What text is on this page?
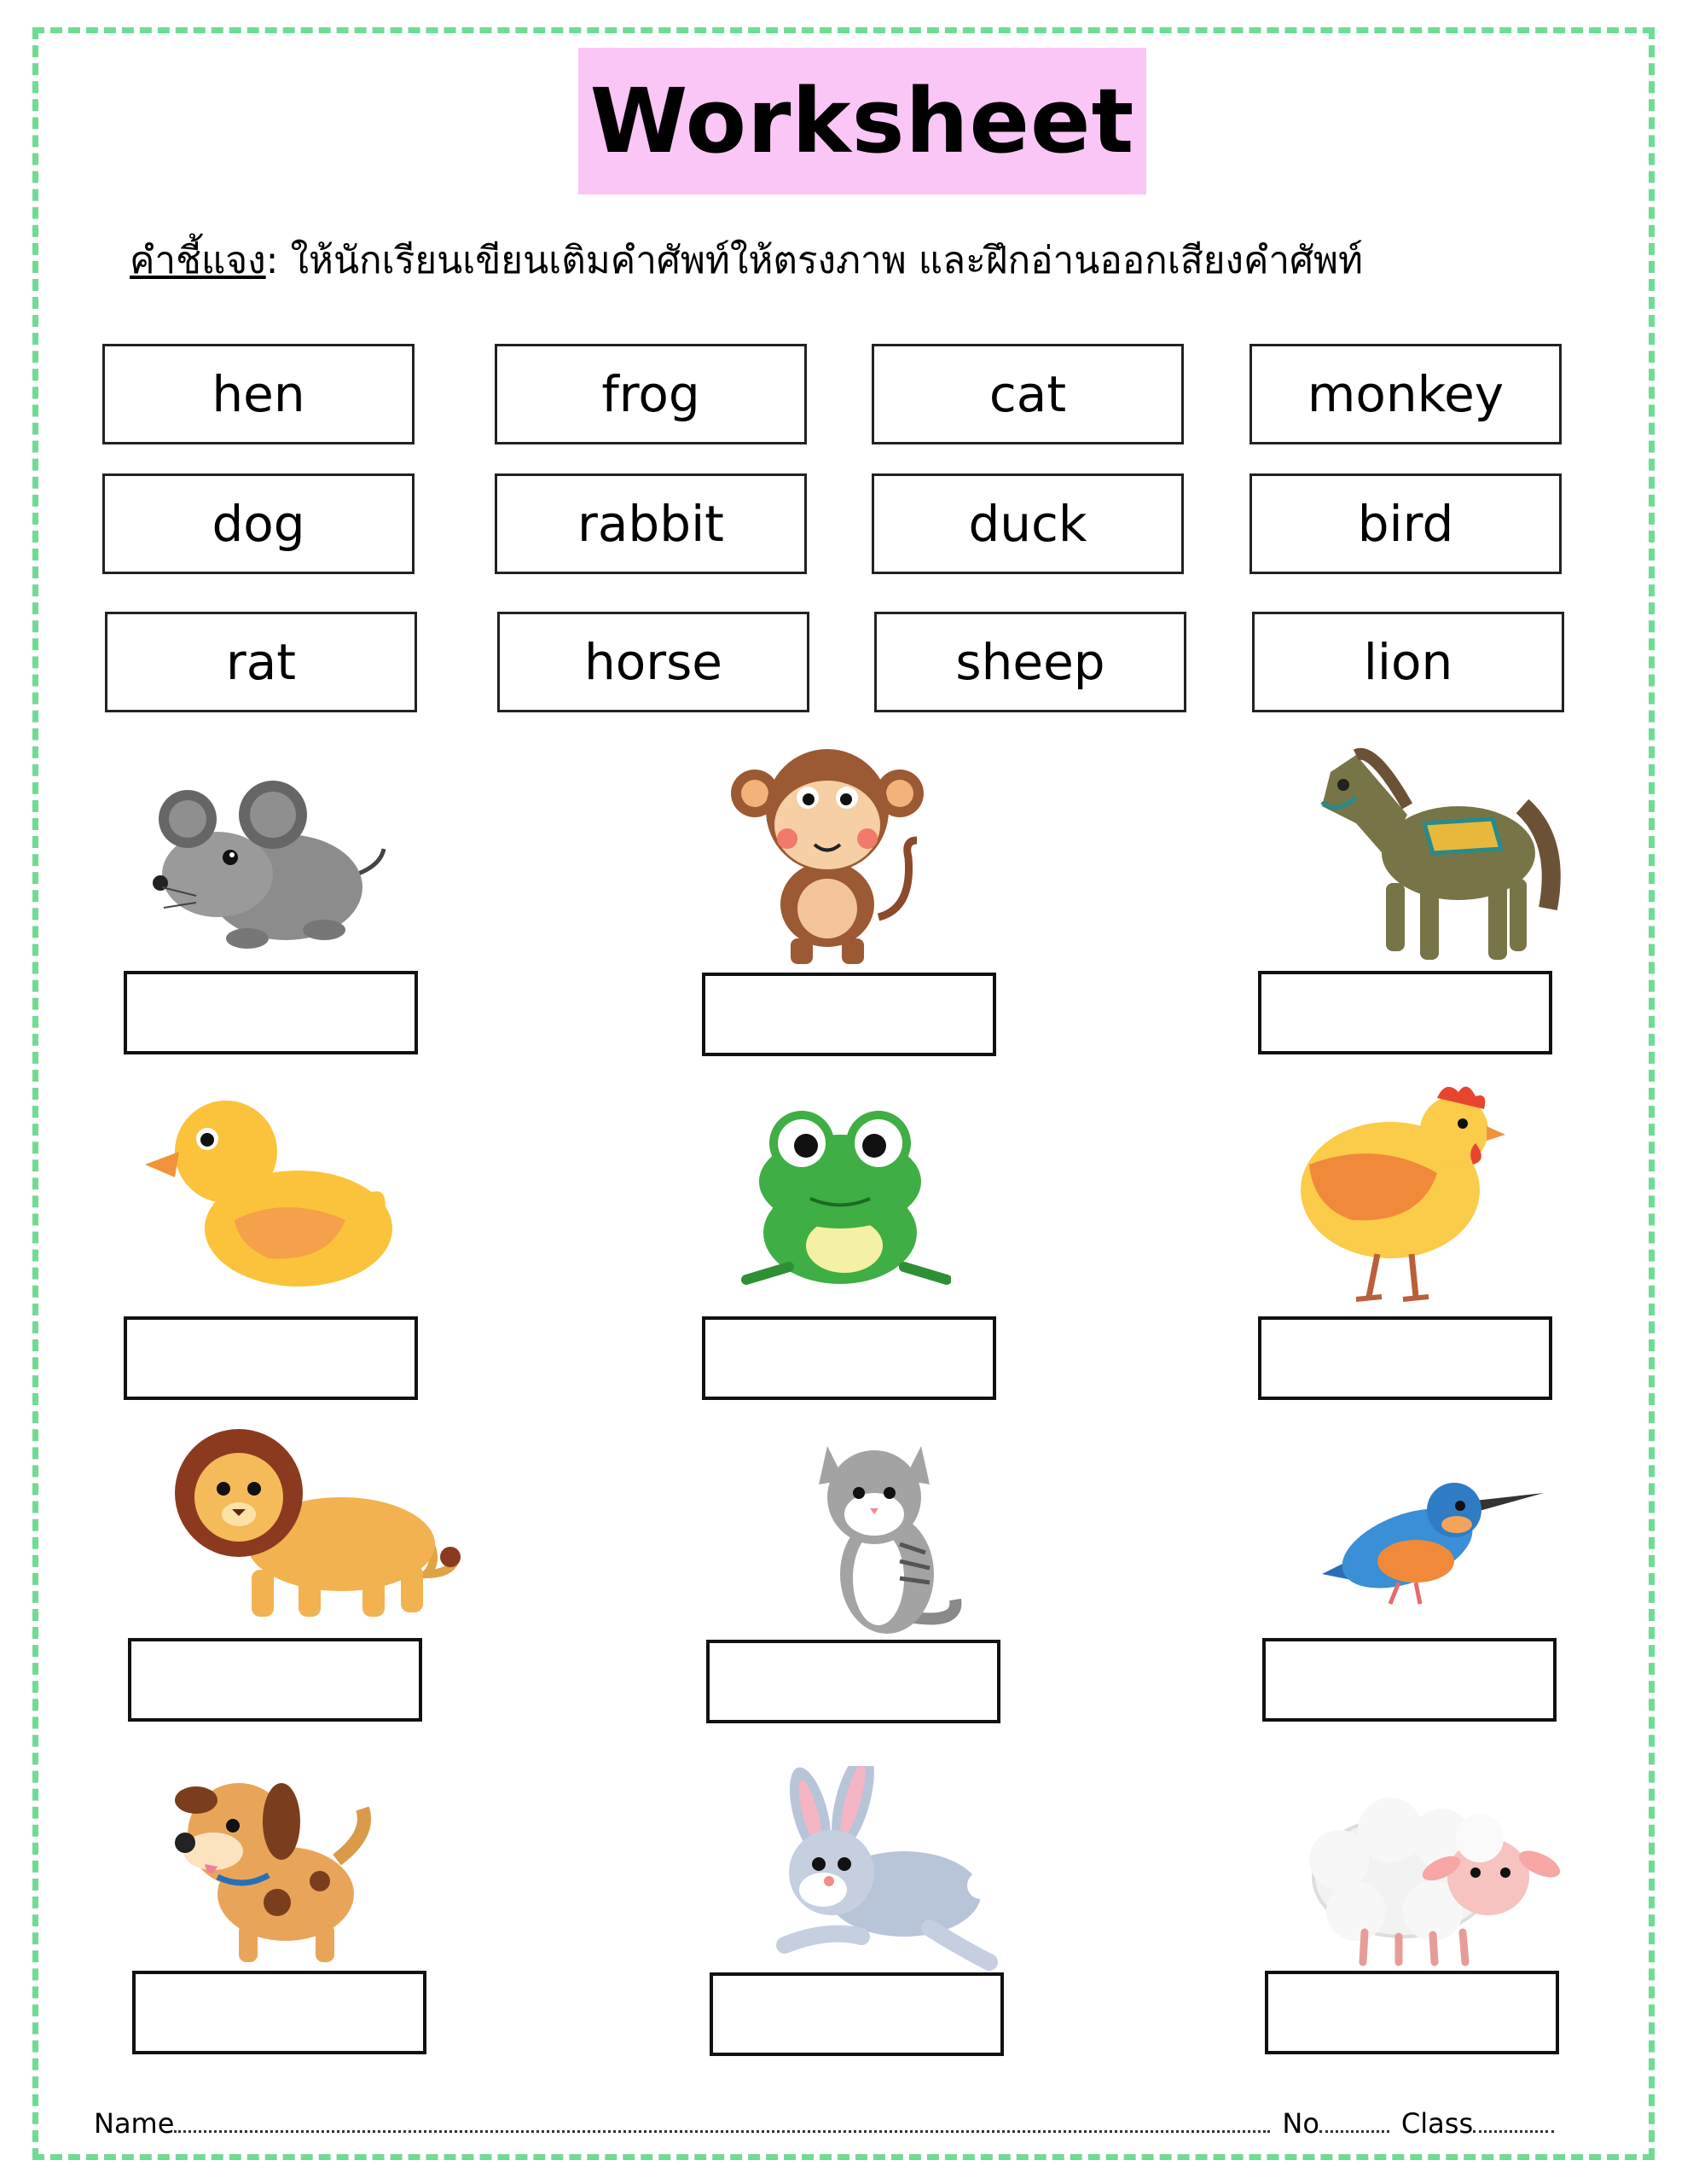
Worksheet
คำชี้แจง: ให้นักเรียนเขียนเติมคำศัพท์ให้ตรงภาพ และฝึกอ่านออกเสียงคำศัพท์
hen	frog	cat	monkey
dog	rabbit	duck	bird
rat	horse	sheep	lion
Name	No	Class
